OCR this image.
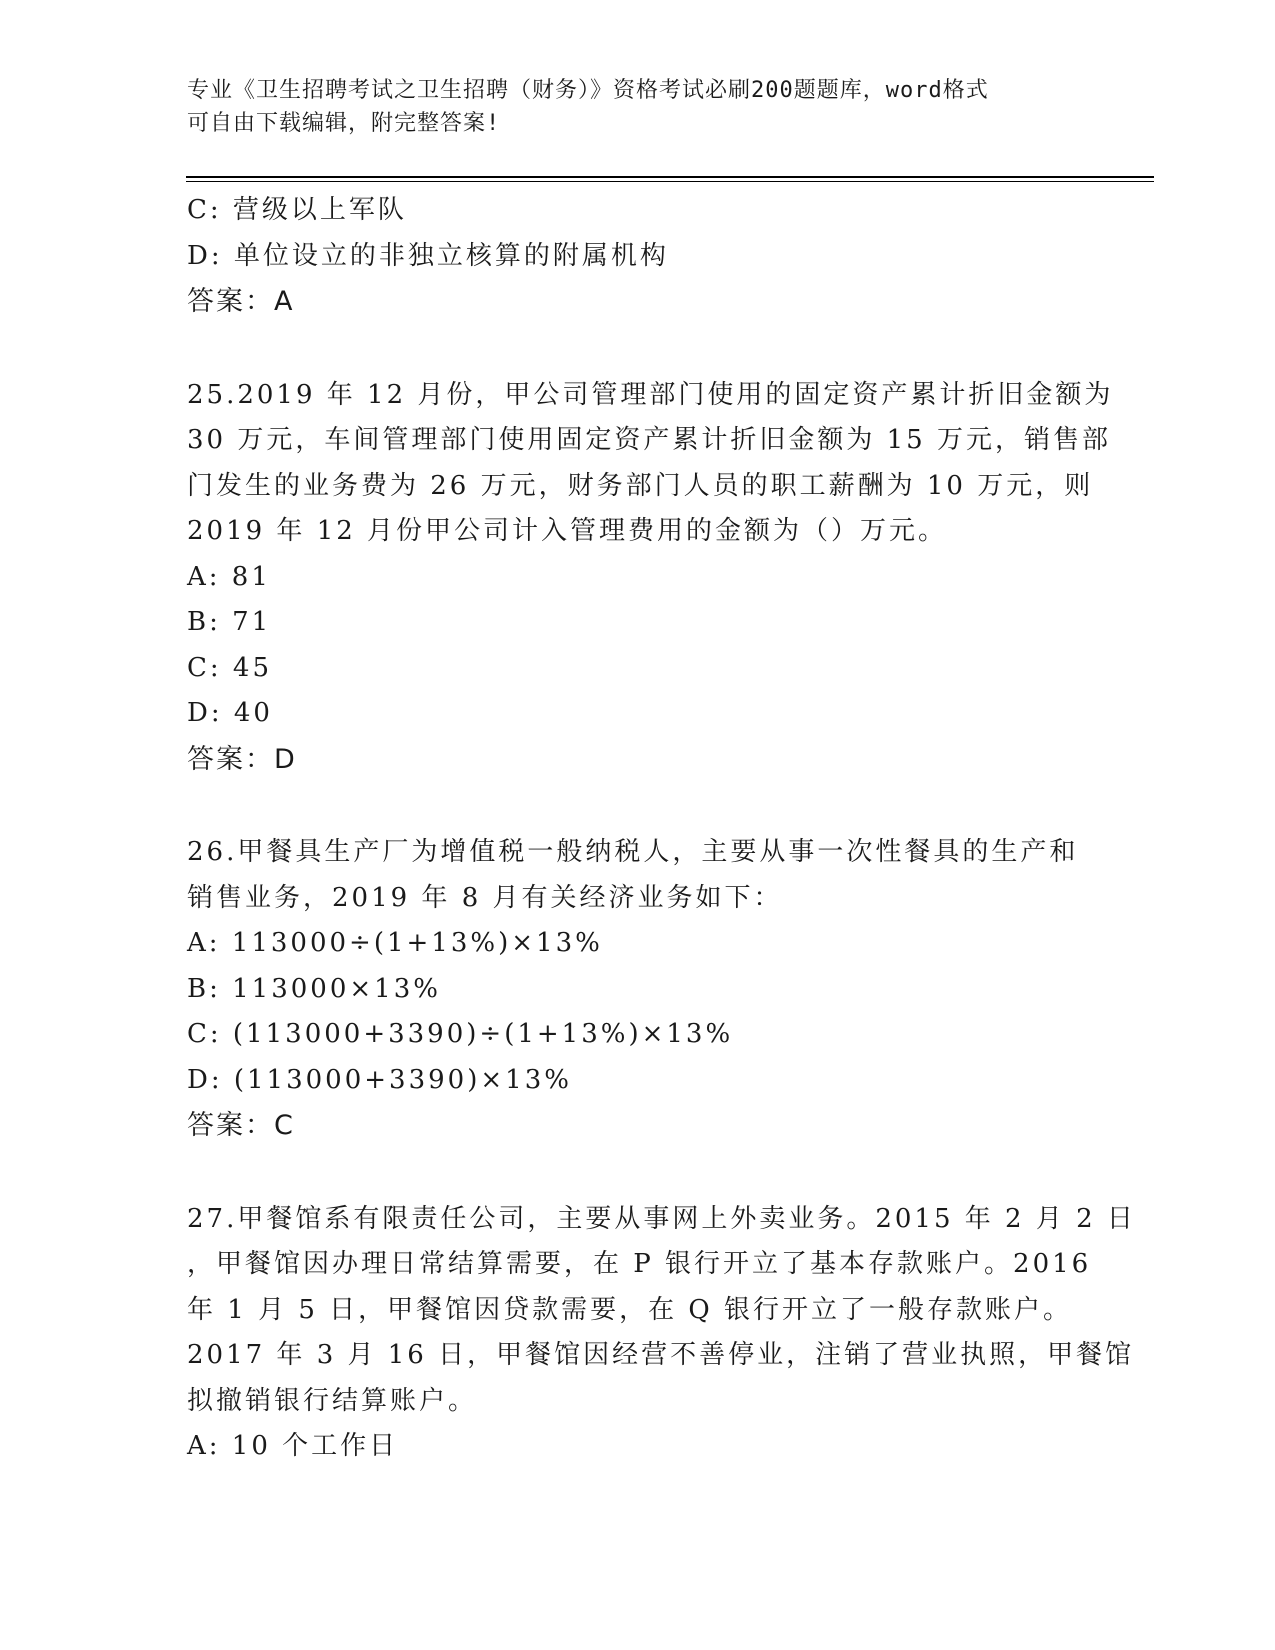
专业《卫生招聘考试之卫生招聘（财务）》资格考试必刷200题题库，word格式
可自由下载编辑，附完整答案!
C: 营级以上军队
D: 单位设立的非独立核算的附属机构
答案：A
25.2019 年 12 月份，甲公司管理部门使用的固定资产累计折旧金额为
30 万元，车间管理部门使用固定资产累计折旧金额为 15 万元，销售部
门发生的业务费为 26 万元，财务部门人员的职工薪酬为 10 万元，则
2019 年 12 月份甲公司计入管理费用的金额为（）万元。
A: 81
B: 71
C: 45
D: 40
答案：D
26.甲餐具生产厂为增值税一般纳税人，主要从事一次性餐具的生产和
销售业务，2019 年 8 月有关经济业务如下：
A: 113000÷(1+13%)×13%
B: 113000×13%
C: (113000+3390)÷(1+13%)×13%
D: (113000+3390)×13%
答案：C
27.甲餐馆系有限责任公司，主要从事网上外卖业务。2015 年 2 月 2 日
，甲餐馆因办理日常结算需要，在 P 银行开立了基本存款账户。2016
年 1 月 5 日，甲餐馆因贷款需要，在 Q 银行开立了一般存款账户。
2017 年 3 月 16 日，甲餐馆因经营不善停业，注销了营业执照，甲餐馆
拟撤销银行结算账户。
A: 10 个工作日
